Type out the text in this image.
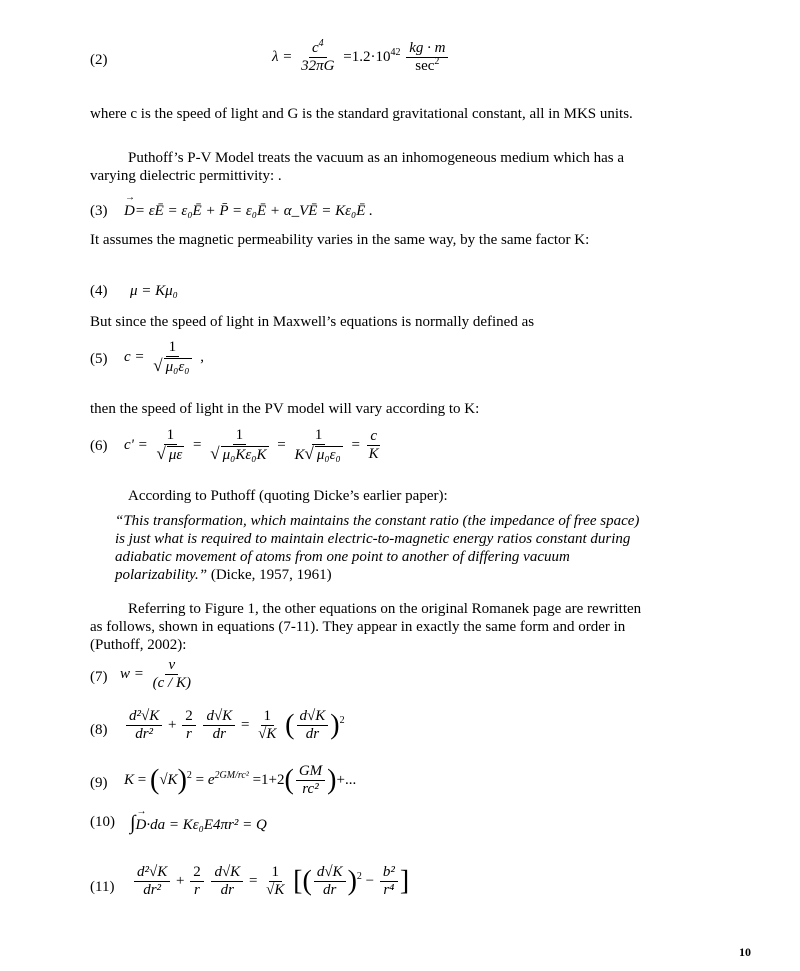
(2)	$\lambda = \frac{c^4}{32\pi G} =1.2\cdot 10^{42} \frac{kg \cdot m}{\sec^2}$
where c is the speed of light and G is the standard gravitational constant, all in MKS units.
Puthoff’s P-V Model treats the vacuum as an inhomogeneous medium which has a varying dielectric permittivity: .
(3)
→ D= εĒ = ε₀Ē + P̄ = ε₀Ē + α_VĒ = Kε₀Ē .
It assumes the magnetic permeability varies in the same way, by the same factor K:
(4) μ = Kμ₀
But since the speed of light in Maxwell’s equations is normally defined as
(5) $c = \frac{1}{\text{√ μ₀ε₀}}$ ,
then the speed of light in the PV model will vary according to K:
(6) $c' = \frac{1}{√ \mu\varepsilon} = \frac{1}{\text{√ μ₀Kε₀K}} = \frac{1}{\text{K√ μ₀ε₀}} = \frac{c}{K}$
According to Puthoff (quoting Dicke’s earlier paper):
“This transformation, which maintains the constant ratio (the impedance of free space) is just what is required to maintain electric-to-magnetic energy ratios constant during adiabatic movement of atoms from one point to another of differing vacuum polarizability.” (Dicke, 1957, 1961)
Referring to Figure 1, the other equations on the original Romanek page are rewritten as follows, shown in equations (7-11). They appear in exactly the same form and order in (Puthoff, 2002):
(7) $w = \frac{v}{(c / K)}$
$(8) \frac{\text{d²√K}}{\text{dr²}} + \frac{2}{r}$
$\frac{d√K}{dr} = \frac{1}{√K}$ ( $\frac{d√K}{dr} )^2$
(9) $K = (√K)^2 = e^{2GM/rc^2} =1+2( \frac{GM}{\text{rc²}}$ )+...
(10) ∫→ D·da = Kε₀E4πr² = Q
$(11) \frac{\text{d²√K}}{\text{dr²}} + \frac{2}{r}$
$\frac{d√K}{dr} = \frac{1}{√K}$ [( $\frac{d√K}{dr} )^2 - \frac{\text{b²}}{\text{r⁴}}$ ]
10
